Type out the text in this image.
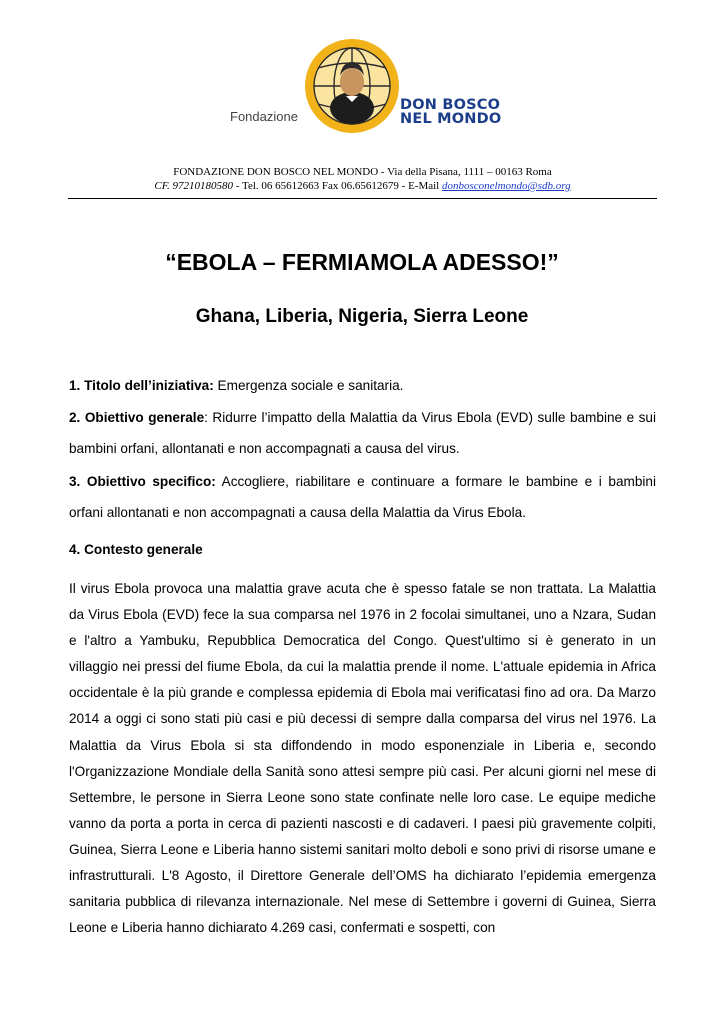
Fondazione
DON BOSCO
NEL MONDO
FONDAZIONE DON BOSCO NEL MONDO - Via della Pisana, 1111 – 00163 Roma
CF. 97210180580 - Tel. 06 65612663 Fax 06.65612679 - E-Mail donbosconelmondo@sdb.org
“EBOLA – FERMIAMOLA ADESSO!”
Ghana, Liberia, Nigeria, Sierra Leone
1. Titolo dell’iniziativa: Emergenza sociale e sanitaria.
2. Obiettivo generale: Ridurre l’impatto della Malattia da Virus Ebola (EVD) sulle bambine e sui bambini orfani, allontanati e non accompagnati a causa del virus.
3. Obiettivo specifico: Accogliere, riabilitare e continuare a formare le bambine e i bambini orfani allontanati e non accompagnati a causa della Malattia da Virus Ebola.
4. Contesto generale
Il virus Ebola provoca una malattia grave acuta che è spesso fatale se non trattata. La Malattia da Virus Ebola (EVD) fece la sua comparsa nel 1976 in 2 focolai simultanei, uno a Nzara, Sudan e l'altro a Yambuku, Repubblica Democratica del Congo. Quest'ultimo si è generato in un villaggio nei pressi del fiume Ebola, da cui la malattia prende il nome. L'attuale epidemia in Africa occidentale è la più grande e complessa epidemia di Ebola mai verificatasi fino ad ora. Da Marzo 2014 a oggi ci sono stati più casi e più decessi di sempre dalla comparsa del virus nel 1976. La Malattia da Virus Ebola si sta diffondendo in modo esponenziale in Liberia e, secondo l'Organizzazione Mondiale della Sanità sono attesi sempre più casi. Per alcuni giorni nel mese di Settembre, le persone in Sierra Leone sono state confinate nelle loro case. Le equipe mediche vanno da porta a porta in cerca di pazienti nascosti e di cadaveri. I paesi più gravemente colpiti, Guinea, Sierra Leone e Liberia hanno sistemi sanitari molto deboli e sono privi di risorse umane e infrastrutturali. L'8 Agosto, il Direttore Generale dell’OMS ha dichiarato l’epidemia emergenza sanitaria pubblica di rilevanza internazionale. Nel mese di Settembre i governi di Guinea, Sierra Leone e Liberia hanno dichiarato 4.269 casi, confermati e sospetti, con
